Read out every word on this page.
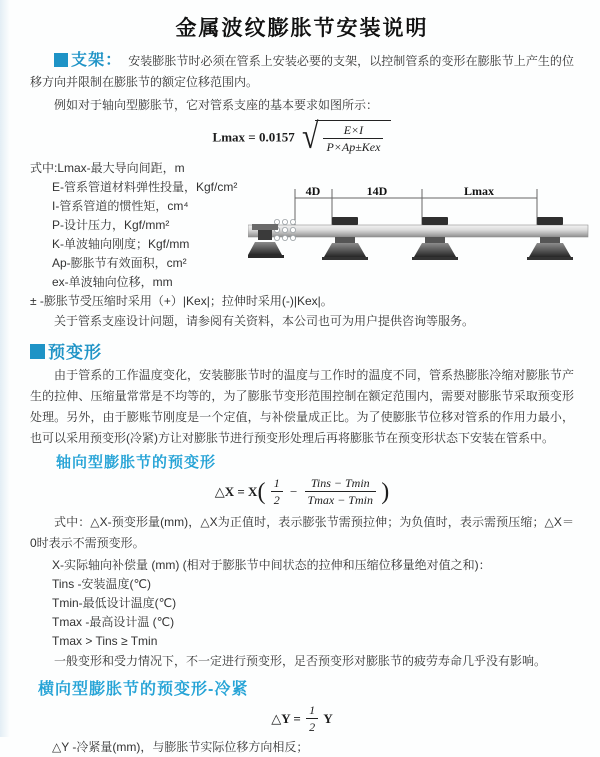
金属波纹膨胀节安装说明

支架： 安装膨胀节时必须在管系上安装必要的支架，以控制管系的变形在膨胀节上产生的位移方向并限制在膨胀节的额定位移范围内。

例如对于轴向型膨胀节，它对管系支座的基本要求如图所示：

Lmax = 0.0157 √ $\frac{E\times I}{\text{P×Ap±Kex}}$
式中:Lmax-最大导向间距，m
E-管系管道材料弹性投量，Kgf/cm²
I-管系管道的惯性矩，cm⁴
P-设计压力，Kgf/mm²
K-单波轴向刚度；Kgf/mm
Ap-膨胀节有效面积，cm²
ex-单波轴向位移，mm
4D	14D	Lmax
± -膨胀节受压缩时采用（+）|Kex|；拉伸时采用(-)|Kex|。

关于管系支座设计问题，请参阅有关资料，本公司也可为用户提供咨询等服务。

预变形

由于管系的工作温度变化，安装膨胀节时的温度与工作时的温度不同，管系热膨胀冷缩对膨胀节产生的拉伸、压缩量常常是不均等的，为了膨胀节变形范围控制在额定范围内，需要对膨胀节采取预变形处理。另外，由于膨账节刚度是一个定值，与补偿量成正比。为了使膨胀节位移对管系的作用力最小，也可以采用预变形(冷紧)方让对膨胀节进行预变形处理后再将膨胀节在预变形状态下安装在管系中。

轴向型膨胀节的预变形
△X = $X( \frac{1}{2} - \frac{\text{Tins − Tmin}}{Tmax - Tmin}$ )

式中：△X-预变形量(mm)，△X为正值时，表示膨张节需预拉伸；为负值时，表示需预压缩；△X＝0时表示不需预变形。

X-实际轴向补偿量 (mm) (相对于膨胀节中间状态的拉伸和压缩位移量绝对值之和)：
Tins -安装温度(℃)
Tmin-最低设计温度(℃)
Tmax -最高设计温 (℃)
Tmax > Tins ≥ Tmin

一般变形和受力情况下，不一定进行预变形，足否预变形对膨胀节的疲劳寿命几乎没有影响。

横向型膨胀节的预变形-冷紧
△Y = $\frac{1}{2}$ Y
△Y -冷紧量(mm)，与膨胀节实际位移方向相反；
